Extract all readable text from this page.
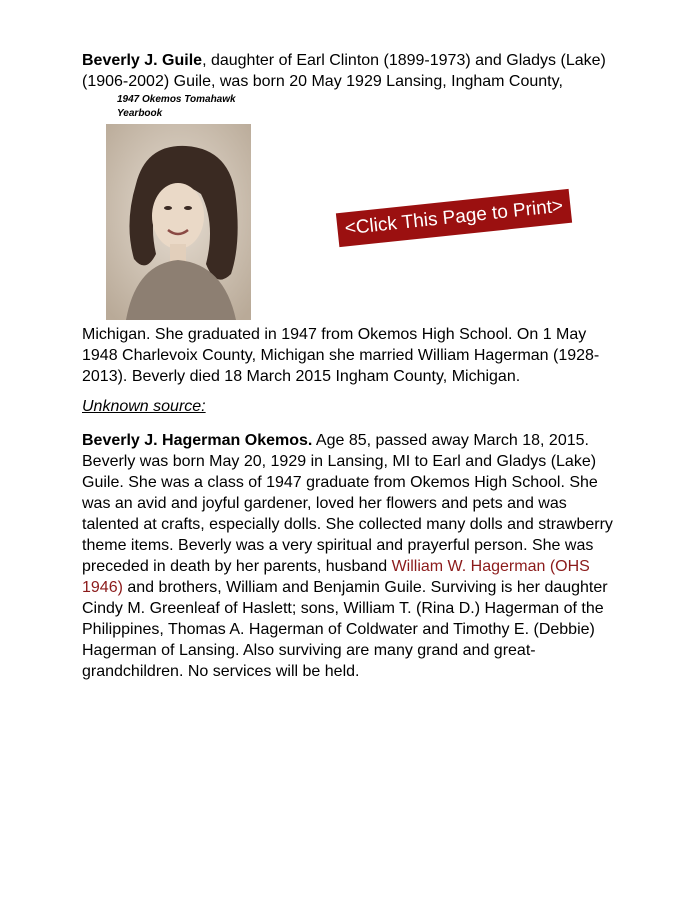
Beverly J. Guile, daughter of Earl Clinton (1899-1973) and Gladys (Lake) (1906-2002) Guile, was born 20 May 1929 Lansing, Ingham County,

1947 Okemos Tomahawk
Yearbook
<Click This Page to Print>

Michigan. She graduated in 1947 from Okemos High School. On 1 May 1948 Charlevoix County, Michigan she married William Hagerman (1928-2013). Beverly died 18 March 2015 Ingham County, Michigan.

Unknown source:

Beverly J. Hagerman Okemos. Age 85, passed away March 18, 2015. Beverly was born May 20, 1929 in Lansing, MI to Earl and Gladys (Lake) Guile. She was a class of 1947 graduate from Okemos High School. She was an avid and joyful gardener, loved her flowers and pets and was talented at crafts, especially dolls. She collected many dolls and strawberry theme items. Beverly was a very spiritual and prayerful person. She was preceded in death by her parents, husband William W. Hagerman (OHS 1946) and brothers, William and Benjamin Guile. Surviving is her daughter Cindy M. Greenleaf of Haslett; sons, William T. (Rina D.) Hagerman of the Philippines, Thomas A. Hagerman of Coldwater and Timothy E. (Debbie) Hagerman of Lansing. Also surviving are many grand and great-grandchildren. No services will be held.
